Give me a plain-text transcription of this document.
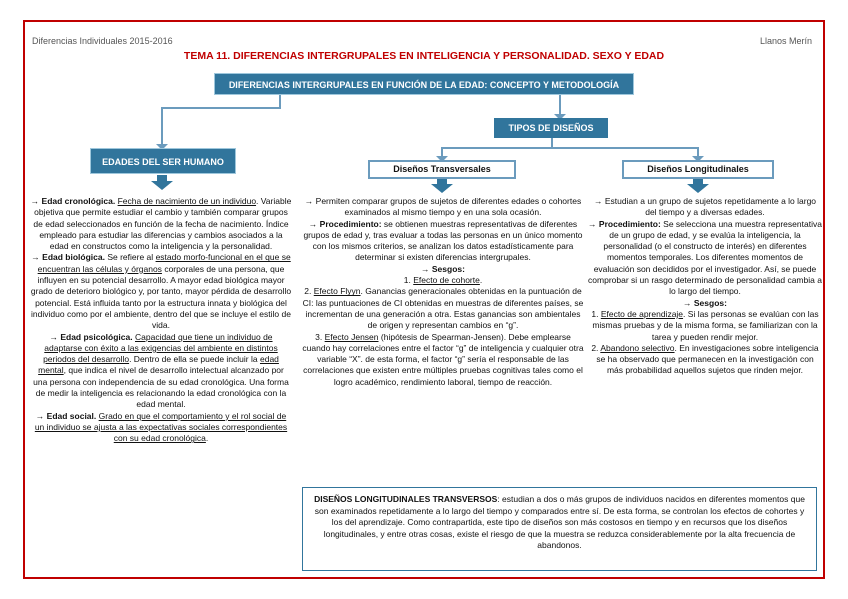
Diferencias Individuales 2015-2016	Llanos Merín
TEMA 11. DIFERENCIAS INTERGRUPALES EN INTELIGENCIA Y PERSONALIDAD. SEXO Y EDAD
DIFERENCIAS INTERGRUPALES EN FUNCIÓN DE LA EDAD: CONCEPTO Y METODOLOGÍA
TIPOS DE DISEÑOS
EDADES DEL SER HUMANO
Diseños Transversales	Diseños Longitudinales

→ Edad cronológica. Fecha de nacimiento de un individuo. Variable objetiva que permite estudiar el cambio y también comparar grupos de edad seleccionados en función de la fecha de nacimiento. Índice empleado para estudiar las diferencias y cambios asociados a la edad en constructos como la inteligencia y la personalidad.

→ Edad biológica. Se refiere al estado morfo-funcional en el que se encuentran las células y órganos corporales de una persona, que influyen en su potencial desarrollo. A mayor edad biológica mayor grado de deterioro biológico y, por tanto, mayor pérdida de desarrollo potencial. Está influida tanto por la estructura innata y biológica del individuo como por el ambiente, dentro del que se incluye el estilo de vida.

→ Edad psicológica. Capacidad que tiene un individuo de adaptarse con éxito a las exigencias del ambiente en distintos periodos del desarrollo. Dentro de ella se puede incluir la edad mental, que indica el nivel de desarrollo intelectual alcanzado por una persona con independencia de su edad cronológica. Una forma de medir la inteligencia es relacionando la edad cronológica con la edad mental.

→ Edad social. Grado en que el comportamiento y el rol social de un individuo se ajusta a las expectativas sociales correspondientes con su edad cronológica.

→ Permiten comparar grupos de sujetos de diferentes edades o cohortes examinados al mismo tiempo y en una sola ocasión.

→ Procedimiento: se obtienen muestras representativas de diferentes grupos de edad y, tras evaluar a todas las personas en un único momento con los mismos criterios, se analizan los datos estadísticamente para determinar si existen diferencias intergrupales.

→ Sesgos:

1. Efecto de cohorte.

2. Efecto Flyyn. Ganancias generacionales obtenidas en la puntuación de CI: las puntuaciones de CI obtenidas en muestras de diferentes países, se incrementan de una generación a otra. Estas ganancias son ambientales de origen y representan cambios en “g”.

3. Efecto Jensen (hipótesis de Spearman-Jensen). Debe emplearse cuando hay correlaciones entre el factor “g” de inteligencia y cualquier otra variable “X”. de esta forma, el factor “g” sería el responsable de las correlaciones que existen entre múltiples pruebas cognitivas tales como el logro académico, rendimiento laboral, tiempo de reacción.

→ Estudian a un grupo de sujetos repetidamente a lo largo del tiempo y a diversas edades.

→ Procedimiento: Se selecciona una muestra representativa de un grupo de edad, y se evalúa la inteligencia, la personalidad (o el constructo de interés) en diferentes momentos temporales. Los diferentes momentos de evaluación son decididos por el investigador. Así, se puede comprobar si un rasgo determinado de personalidad cambia a lo largo del tiempo.

→ Sesgos:

1. Efecto de aprendizaje. Si las personas se evalúan con las mismas pruebas y de la misma forma, se familiarizan con la tarea y pueden rendir mejor.

2. Abandono selectivo. En investigaciones sobre inteligencia se ha observado que permanecen en la investigación con más probabilidad aquellos sujetos que rinden mejor.

DISEÑOS LONGITUDINALES TRANSVERSOS: estudian a dos o más grupos de individuos nacidos en diferentes momentos que son examinados repetidamente a lo largo del tiempo y comparados entre sí. De esta forma, se controlan los efectos de cohortes y los del aprendizaje. Como contrapartida, este tipo de diseños son más costosos en tiempo y en recursos que los diseños longitudinales, y entre otras cosas, existe el riesgo de que la muestra se reduzca considerablemente por la alta frecuencia de abandonos.
